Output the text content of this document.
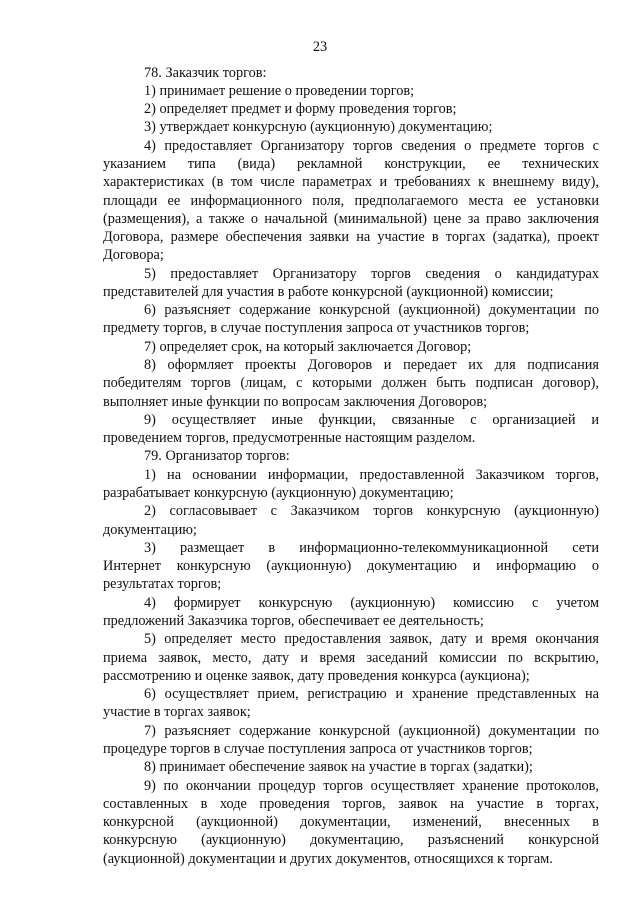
23
78. Заказчик торгов:
1) принимает решение о проведении торгов;
2) определяет предмет и форму проведения торгов;
3) утверждает конкурсную (аукционную) документацию;
4) предоставляет Организатору торгов сведения о предмете торгов с
указанием типа (вида) рекламной конструкции, ее технических
характеристиках (в том числе параметрах и требованиях к внешнему виду),
площади ее информационного поля, предполагаемого места ее установки
(размещения), а также о начальной (минимальной) цене за право заключения
Договора, размере обеспечения заявки на участие в торгах (задатка), проект
Договора;
5) предоставляет Организатору торгов сведения о кандидатурах
представителей для участия в работе конкурсной (аукционной) комиссии;
6) разъясняет содержание конкурсной (аукционной) документации по
предмету торгов, в случае поступления запроса от участников торгов;
7) определяет срок, на который заключается Договор;
8) оформляет проекты Договоров и передает их для подписания
победителям торгов (лицам, с которыми должен быть подписан договор),
выполняет иные функции по вопросам заключения Договоров;
9) осуществляет иные функции, связанные с организацией и
проведением торгов, предусмотренные настоящим разделом.
79. Организатор торгов:
1) на основании информации, предоставленной Заказчиком торгов,
разрабатывает конкурсную (аукционную) документацию;
2) согласовывает с Заказчиком торгов конкурсную (аукционную)
документацию;
3) размещает в информационно-телекоммуникационной сети
Интернет конкурсную (аукционную) документацию и информацию о
результатах торгов;
4) формирует конкурсную (аукционную) комиссию с учетом
предложений Заказчика торгов, обеспечивает ее деятельность;
5) определяет место предоставления заявок, дату и время окончания
приема заявок, место, дату и время заседаний комиссии по вскрытию,
рассмотрению и оценке заявок, дату проведения конкурса (аукциона);
6) осуществляет прием, регистрацию и хранение представленных на
участие в торгах заявок;
7) разъясняет содержание конкурсной (аукционной) документации по
процедуре торгов в случае поступления запроса от участников торгов;
8) принимает обеспечение заявок на участие в торгах (задатки);
9) по окончании процедур торгов осуществляет хранение протоколов,
составленных в ходе проведения торгов, заявок на участие в торгах,
конкурсной (аукционной) документации, изменений, внесенных в
конкурсную (аукционную) документацию, разъяснений конкурсной
(аукционной) документации и других документов, относящихся к торгам.
